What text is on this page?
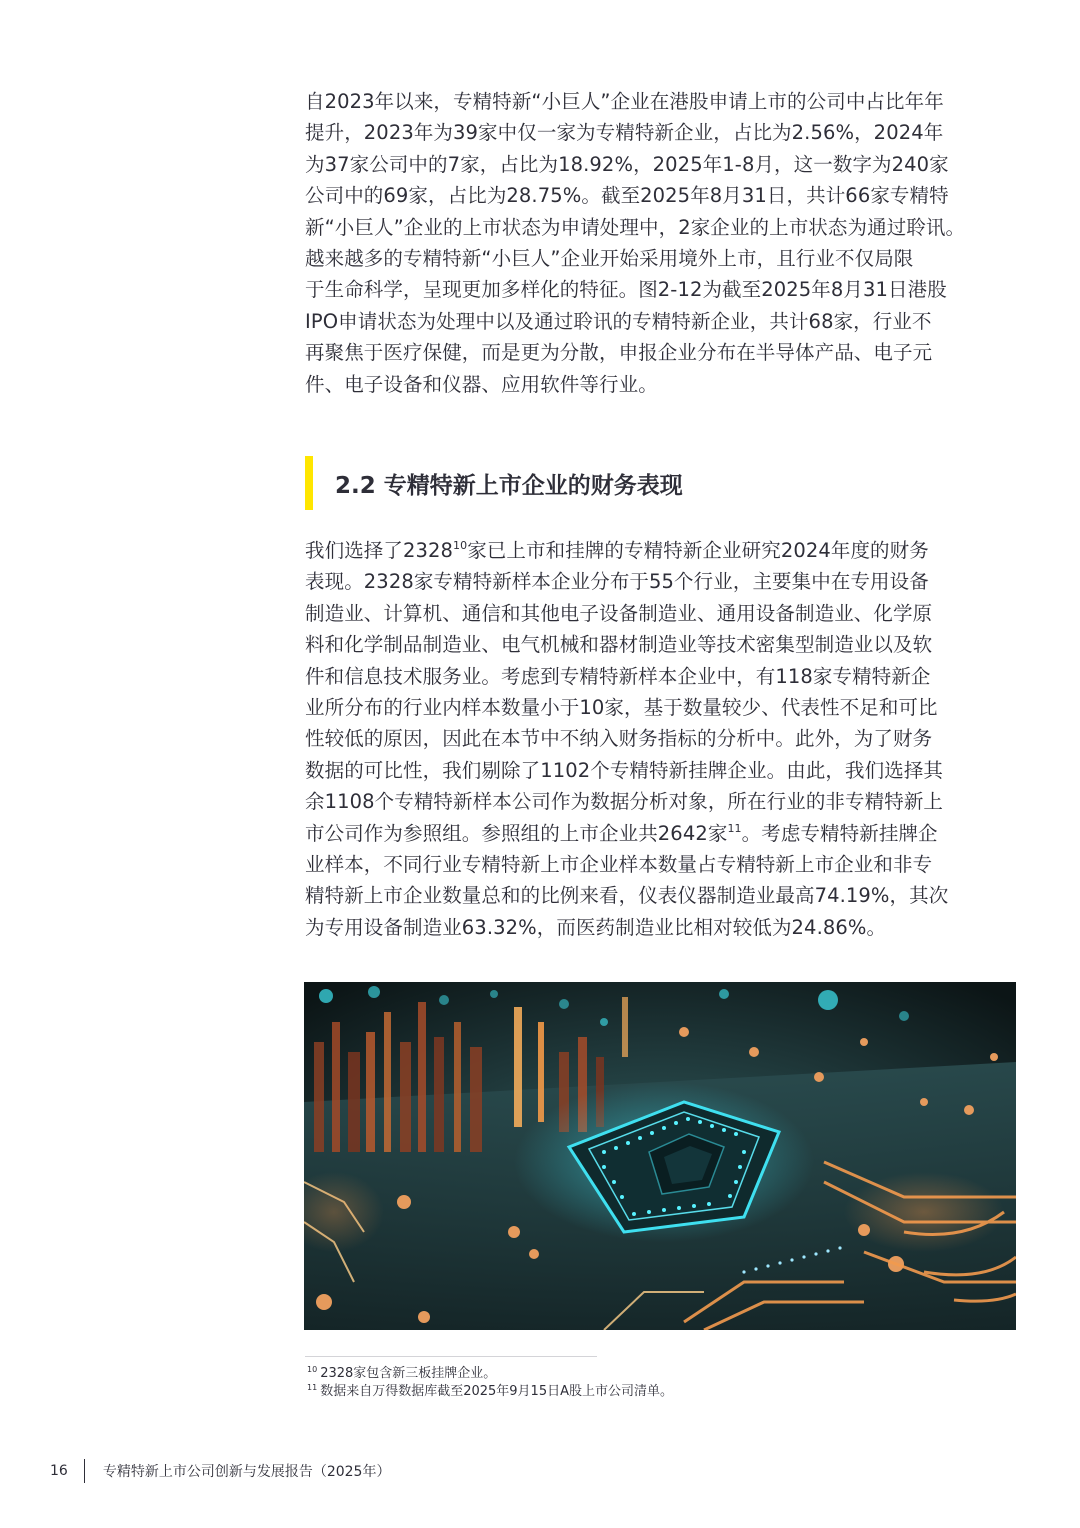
自2023年以来，专精特新“小巨人”企业在港股申请上市的公司中占比年年
提升，2023年为39家中仅一家为专精特新企业，占比为2.56%，2024年
为37家公司中的7家，占比为18.92%，2025年1-8月，这一数字为240家
公司中的69家，占比为28.75%。截至2025年8月31日，共计66家专精特
新“小巨人”企业的上市状态为申请处理中，2家企业的上市状态为通过聆讯。
越来越多的专精特新“小巨人”企业开始采用境外上市，且行业不仅局限
于生命科学，呈现更加多样化的特征。图2-12为截至2025年8月31日港股
IPO申请状态为处理中以及通过聆讯的专精特新企业，共计68家，行业不
再聚焦于医疗保健，而是更为分散，申报企业分布在半导体产品、电子元
件、电子设备和仪器、应用软件等行业。
2.2 专精特新上市企业的财务表现
我们选择了2328$^{10}$家已上市和挂牌的专精特新企业研究2024年度的财务
表现。2328家专精特新样本企业分布于55个行业，主要集中在专用设备
制造业、计算机、通信和其他电子设备制造业、通用设备制造业、化学原
料和化学制品制造业、电气机械和器材制造业等技术密集型制造业以及软
件和信息技术服务业。考虑到专精特新样本企业中，有118家专精特新企
业所分布的行业内样本数量小于10家，基于数量较少、代表性不足和可比
性较低的原因，因此在本节中不纳入财务指标的分析中。此外，为了财务
数据的可比性，我们剔除了1102个专精特新挂牌企业。由此，我们选择其
余1108个专精特新样本公司作为数据分析对象，所在行业的非专精特新上
市公司作为参照组。参照组的上市企业共2642家$^{11}$。考虑专精特新挂牌企
业样本，不同行业专精特新上市企业样本数量占专精特新上市企业和非专
精特新上市企业数量总和的比例来看，仪表仪器制造业最高74.19%，其次
为专用设备制造业63.32%，而医药制造业比相对较低为24.86%。
$^{10}$ 2328家包含新三板挂牌企业。
$^{11}$ 数据来自万得数据库截至2025年9月15日A股上市公司清单。
16	专精特新上市公司创新与发展报告（2025年）
